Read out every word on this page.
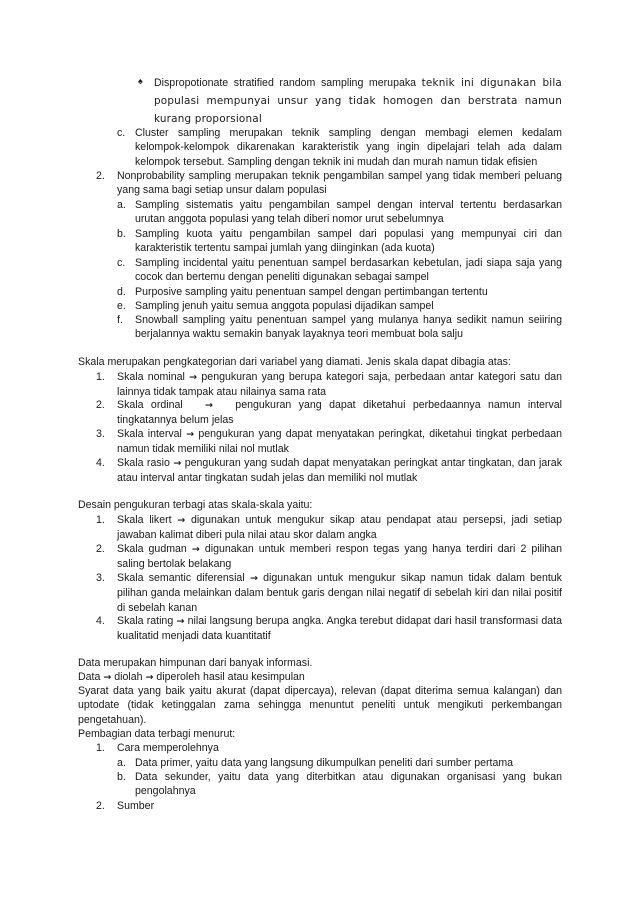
♠	Dispropotionate stratified random sampling merupaka teknik ini digunakan bila populasi mempunyai unsur yang tidak homogen dan berstrata namun kurang proporsional
c. Cluster sampling merupakan teknik sampling dengan membagi elemen kedalam kelompok-kelompok dikarenakan karakteristik yang ingin dipelajari telah ada dalam kelompok tersebut. Sampling dengan teknik ini mudah dan murah namun tidak efisien
2.	Nonprobability sampling merupakan teknik pengambilan sampel yang tidak memberi peluang yang sama bagi setiap unsur dalam populasi
a. Sampling sistematis yaitu pengambilan sampel dengan interval tertentu berdasarkan urutan anggota populasi yang telah diberi nomor urut sebelumnya
b. Sampling kuota yaitu pengambilan sampel dari populasi yang mempunyai ciri dan karakteristik tertentu sampai jumlah yang diinginkan (ada kuota)
c. Sampling incidental yaitu penentuan sampel berdasarkan kebetulan, jadi siapa saja yang cocok dan bertemu dengan peneliti digunakan sebagai sampel
d. Purposive sampling yaitu penentuan sampel dengan pertimbangan tertentu
e. Sampling jenuh yaitu semua anggota populasi dijadikan sampel
f.	Snowball sampling yaitu penentuan sampel yang mulanya hanya sedikit namun seiiring berjalannya waktu semakin banyak layaknya teori membuat bola salju
Skala merupakan pengkategorian dari variabel yang diamati. Jenis skala dapat dibagia atas:
1.	Skala nominal → pengukuran yang berupa kategori saja, perbedaan antar kategori satu dan lainnya tidak tampak atau nilainya sama rata
2.	Skala ordinal → pengukuran yang dapat diketahui perbedaannya namun interval tingkatannya belum jelas
3.	Skala interval → pengukuran yang dapat menyatakan peringkat, diketahui tingkat perbedaan namun tidak memiliki nilai nol mutlak
4.	Skala rasio → pengukuran yang sudah dapat menyatakan peringkat antar tingkatan, dan jarak atau interval antar tingkatan sudah jelas dan memiliki nol mutlak
Desain pengukuran terbagi atas skala-skala yaitu:
1.	Skala likert → digunakan untuk mengukur sikap atau pendapat atau persepsi, jadi setiap jawaban kalimat diberi pula nilai atau skor dalam angka
2.	Skala gudman → digunakan untuk memberi respon tegas yang hanya terdiri dari 2 pilihan saling bertolak belakang
3.	Skala semantic diferensial → digunakan untuk mengukur sikap namun tidak dalam bentuk pilihan ganda melainkan dalam bentuk garis dengan nilai negatif di sebelah kiri dan nilai positif di sebelah kanan
4.	Skala rating → nilai langsung berupa angka. Angka terebut didapat dari hasil transformasi data kualitatid menjadi data kuantitatif
Data merupakan himpunan dari banyak informasi.
Data → diolah → diperoleh hasil atau kesimpulan
Syarat data yang baik yaitu akurat (dapat dipercaya), relevan (dapat diterima semua kalangan) dan uptodate (tidak ketinggalan zama sehingga menuntut peneliti untuk mengikuti perkembangan pengetahuan).
Pembagian data terbagi menurut:
1.	Cara memperolehnya
a. Data primer, yaitu data yang langsung dikumpulkan peneliti dari sumber pertama
b. Data sekunder, yaitu data yang diterbitkan atau digunakan organisasi yang bukan pengolahnya
2.	Sumber
